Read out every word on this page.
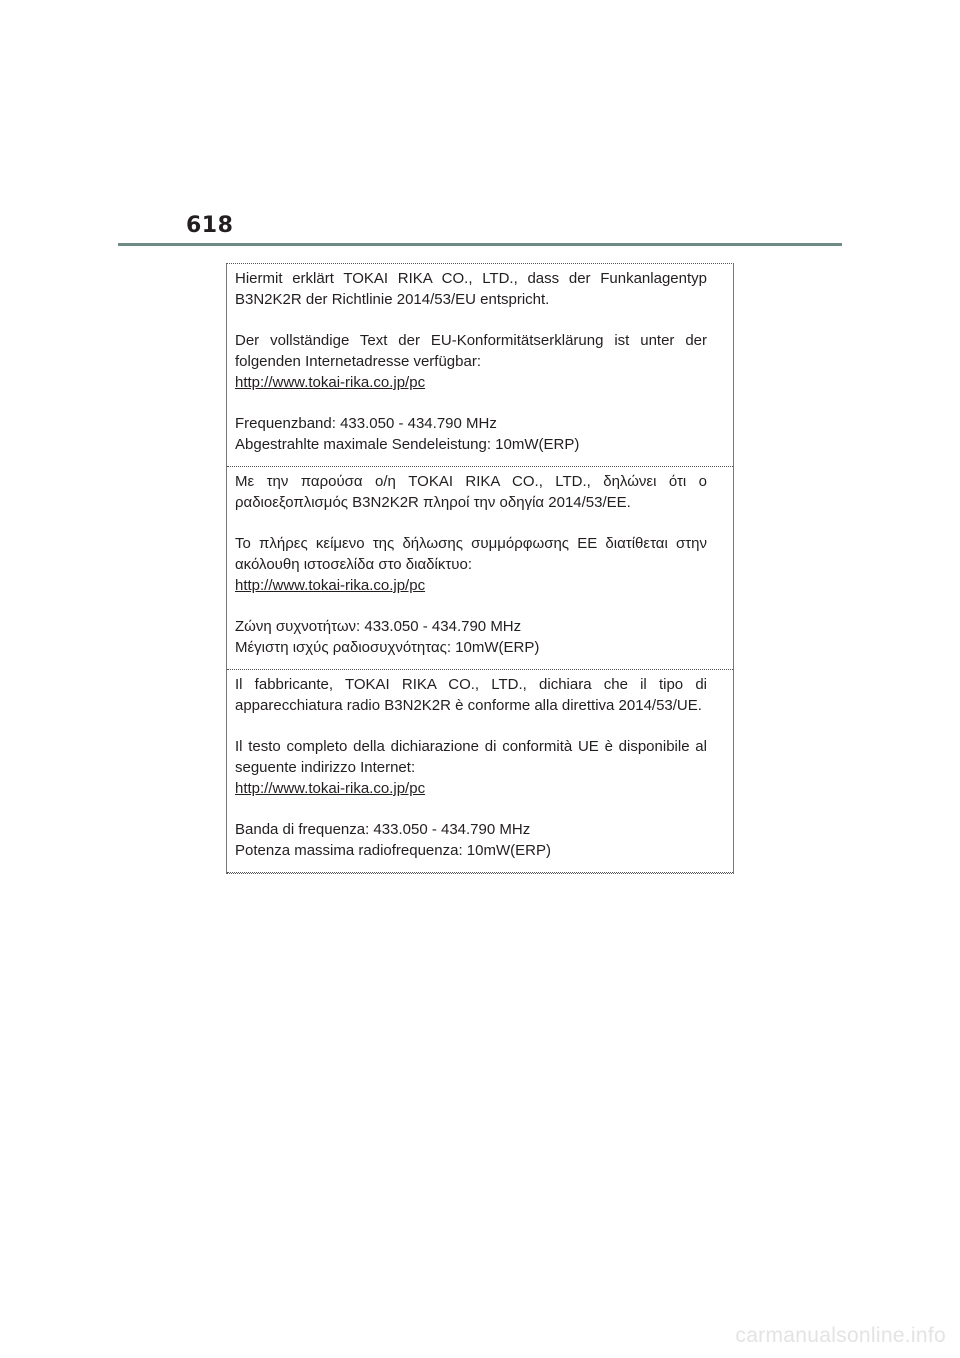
618

Hiermit erklärt TOKAI RIKA CO., LTD., dass der Funkanlagentyp B3N2K2R der Richtlinie 2014/53/EU entspricht.

Der vollständige Text der EU-Konformitätserklärung ist unter der folgenden Internetadresse verfügbar:
http://www.tokai-rika.co.jp/pc

Frequenzband: 433.050 - 434.790 MHz
Abgestrahlte maximale Sendeleistung: 10mW(ERP)

Με την παρούσα ο/η TOKAI RIKA CO., LTD., δηλώνει ότι ο ραδιοεξοπλισμός B3N2K2R πληροί την οδηγία 2014/53/ΕΕ.

Το πλήρες κείμενο της δήλωσης συμμόρφωσης ΕΕ διατίθεται στην ακόλουθη ιστοσελίδα στο διαδίκτυο:
http://www.tokai-rika.co.jp/pc

Ζώνη συχνοτήτων: 433.050 - 434.790 MHz
Μέγιστη ισχύς ραδιοσυχνότητας: 10mW(ERP)

Il fabbricante, TOKAI RIKA CO., LTD., dichiara che il tipo di apparecchiatura radio B3N2K2R è conforme alla direttiva 2014/53/UE.

Il testo completo della dichiarazione di conformità UE è disponibile al seguente indirizzo Internet:
http://www.tokai-rika.co.jp/pc

Banda di frequenza: 433.050 - 434.790 MHz
Potenza massima radiofrequenza: 10mW(ERP)

carmanualsonline.info
